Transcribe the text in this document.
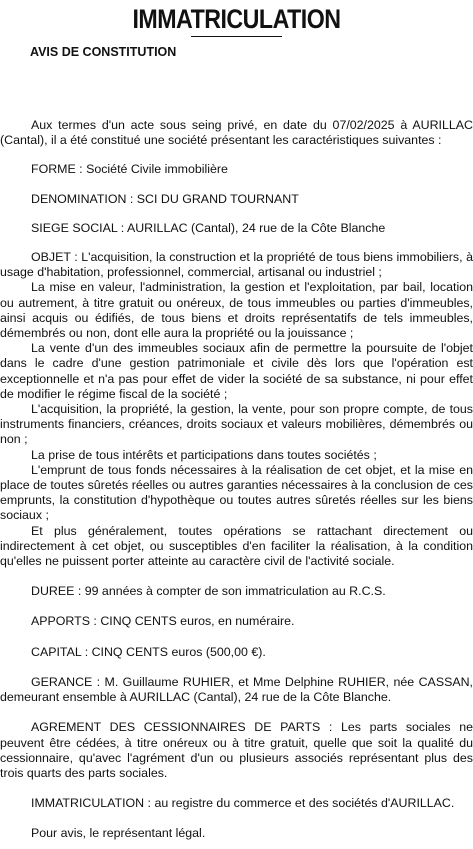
IMMATRICULATION
AVIS DE CONSTITUTION

Aux termes d'un acte sous seing privé, en date du 07/02/2025 à AURILLAC (Cantal), il a été constitué une société présentant les caractéristiques suivantes :

FORME : Société Civile immobilière

DENOMINATION : SCI DU GRAND TOURNANT

SIEGE SOCIAL : AURILLAC (Cantal), 24 rue de la Côte Blanche

OBJET : L'acquisition, la construction et la propriété de tous biens immobiliers, à usage d'habitation, professionnel, commercial, artisanal ou industriel ;

La mise en valeur, l'administration, la gestion et l'exploitation, par bail, location ou autrement, à titre gratuit ou onéreux, de tous immeubles ou parties d'immeubles, ainsi acquis ou édifiés, de tous biens et droits représentatifs de tels immeubles, démembrés ou non, dont elle aura la propriété ou la jouissance ;

La vente d'un des immeubles sociaux afin de permettre la poursuite de l'objet dans le cadre d'une gestion patrimoniale et civile dès lors que l'opération est exceptionnelle et n'a pas pour effet de vider la société de sa substance, ni pour effet de modifier le régime fiscal de la société ;

L'acquisition, la propriété, la gestion, la vente, pour son propre compte, de tous instruments financiers, créances, droits sociaux et valeurs mobilières, démembrés ou non ;

La prise de tous intérêts et participations dans toutes sociétés ;

L'emprunt de tous fonds nécessaires à la réalisation de cet objet, et la mise en place de toutes sûretés réelles ou autres garanties nécessaires à la conclusion de ces emprunts, la constitution d'hypothèque ou toutes autres sûretés réelles sur les biens sociaux ;

Et plus généralement, toutes opérations se rattachant directement ou indirectement à cet objet, ou susceptibles d'en faciliter la réalisation, à la condition qu'elles ne puissent porter atteinte au caractère civil de l'activité sociale.

DUREE : 99 années à compter de son immatriculation au R.C.S.

APPORTS : CINQ CENTS euros, en numéraire.

CAPITAL : CINQ CENTS euros (500,00 €).

GERANCE : M. Guillaume RUHIER, et Mme Delphine RUHIER, née CASSAN, demeurant ensemble à AURILLAC (Cantal), 24 rue de la Côte Blanche.

AGREMENT DES CESSIONNAIRES DE PARTS : Les parts sociales ne peuvent être cédées, à titre onéreux ou à titre gratuit, quelle que soit la qualité du cessionnaire, qu'avec l'agrément d'un ou plusieurs associés représentant plus des trois quarts des parts sociales.

IMMATRICULATION : au registre du commerce et des sociétés d'AURILLAC.

Pour avis, le représentant légal.
